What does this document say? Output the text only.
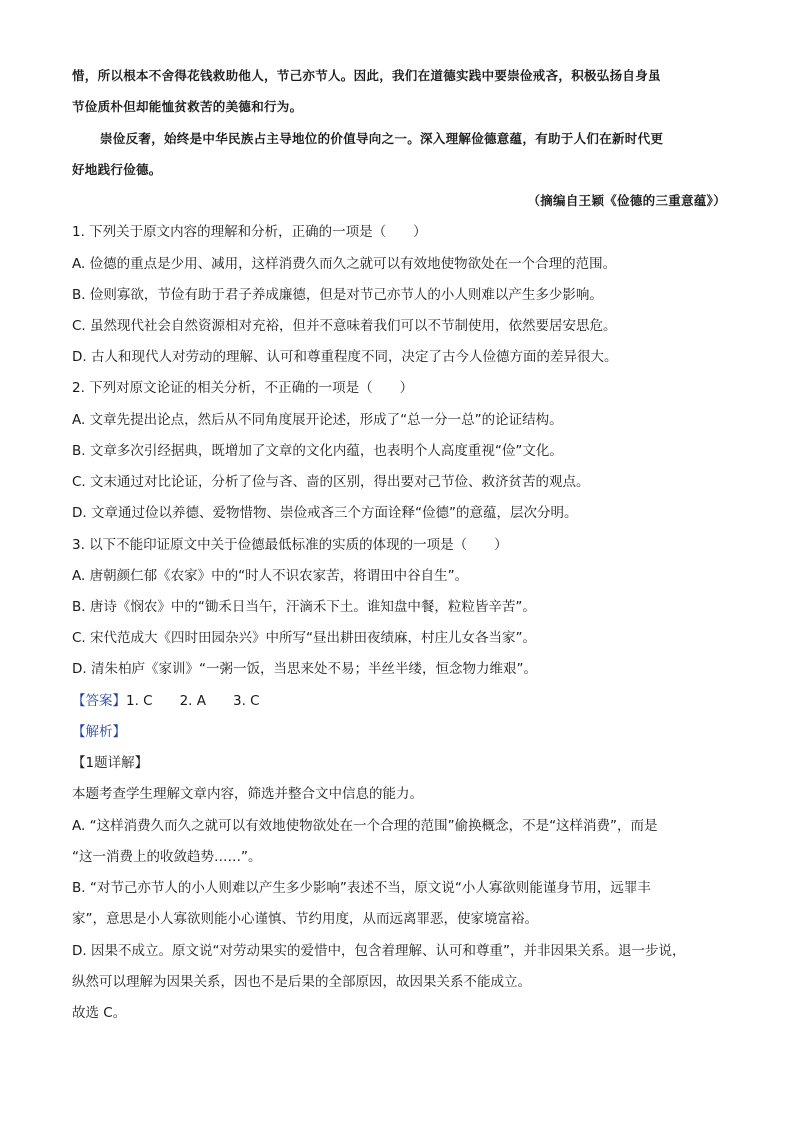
惜，所以根本不舍得花钱救助他人，节己亦节人。因此，我们在道德实践中要崇俭戒吝，积极弘扬自身虽
节俭质朴但却能恤贫救苦的美德和行为。
崇俭反奢，始终是中华民族占主导地位的价值导向之一。深入理解俭德意蕴，有助于人们在新时代更
好地践行俭德。
（摘编自王颖《俭德的三重意蕴》）
1. 下列关于原文内容的理解和分析，正确的一项是（　　）
A. 俭德的重点是少用、减用，这样消费久而久之就可以有效地使物欲处在一个合理的范围。
B. 俭则寡欲，节俭有助于君子养成廉德，但是对节己亦节人的小人则难以产生多少影响。
C. 虽然现代社会自然资源相对充裕，但并不意味着我们可以不节制使用，依然要居安思危。
D. 古人和现代人对劳动的理解、认可和尊重程度不同，决定了古今人俭德方面的差异很大。
2. 下列对原文论证的相关分析，不正确的一项是（　　）
A. 文章先提出论点，然后从不同角度展开论述，形成了“总一分一总”的论证结构。
B. 文章多次引经据典，既增加了文章的文化内蕴，也表明个人高度重视“俭”文化。
C. 文末通过对比论证，分析了俭与吝、啬的区别，得出要对己节俭、救济贫苦的观点。
D. 文章通过俭以养德、爱物惜物、崇俭戒吝三个方面诠释“俭德”的意蕴，层次分明。
3. 以下不能印证原文中关于俭德最低标准的实质的体现的一项是（　　）
A. 唐朝颜仁郁《农家》中的“时人不识农家苦，将谓田中谷自生”。
B. 唐诗《悯农》中的“锄禾日当午，汗滴禾下土。谁知盘中餐，粒粒皆辛苦”。
C. 宋代范成大《四时田园杂兴》中所写“昼出耕田夜绩麻，村庄儿女各当家”。
D. 清朱柏庐《家训》“一粥一饭，当思来处不易；半丝半缕，恒念物力维艰”。
【答案】1. C　　2. A　　3. C
【解析】
【1题详解】
本题考查学生理解文章内容，筛选并整合文中信息的能力。
A. “这样消费久而久之就可以有效地使物欲处在一个合理的范围”偷换概念，不是“这样消费”，而是
“这一消费上的收敛趋势……”。
B. “对节己亦节人的小人则难以产生多少影响”表述不当，原文说“小人寡欲则能谨身节用，远罪丰
家”，意思是小人寡欲则能小心谨慎、节约用度，从而远离罪恶，使家境富裕。
D. 因果不成立。原文说“对劳动果实的爱惜中，包含着理解、认可和尊重”，并非因果关系。退一步说，
纵然可以理解为因果关系，因也不是后果的全部原因，故因果关系不能成立。
故选 C。
